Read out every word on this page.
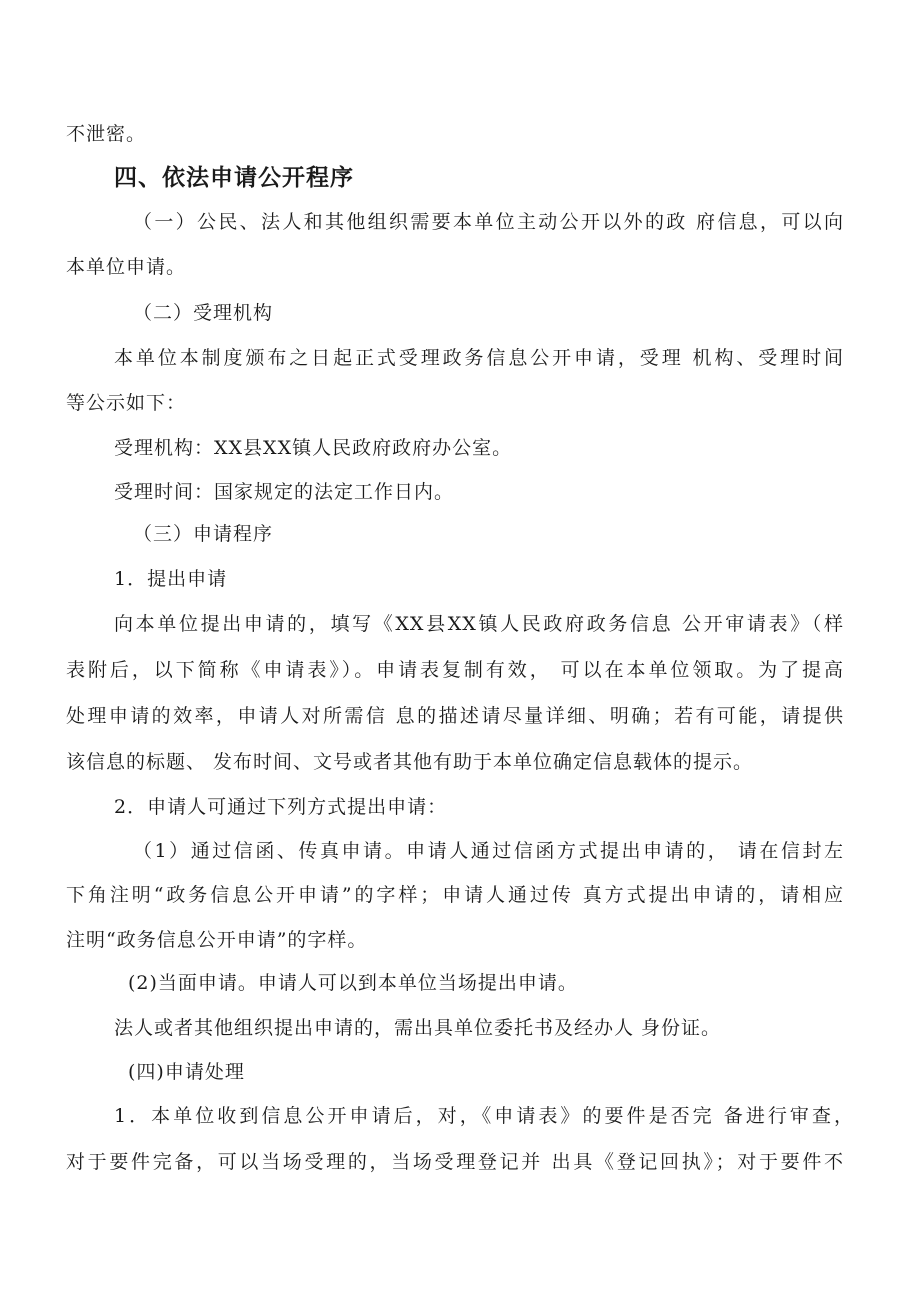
不泄密。
四、依法申请公开程序
（一）公民、法人和其他组织需要本单位主动公开以外的政 府信息，可以向
本单位申请。
（二）受理机构
本单位本制度颁布之日起正式受理政务信息公开申请，受理 机构、受理时间
等公示如下：
受理机构：XX县XX镇人民政府政府办公室。
受理时间：国家规定的法定工作日内。
（三）申请程序
1．提出申请
向本单位提出申请的，填写《XX县XX镇人民政府政务信息 公开审请表》（样
表附后，以下简称《申请表》）。申请表复制有效， 可以在本单位领取。为了提高
处理申请的效率，申请人对所需信 息的描述请尽量详细、明确；若有可能，请提供
该信息的标题、 发布时间、文号或者其他有助于本单位确定信息载体的提示。
2．申请人可通过下列方式提出申请：
（1）通过信函、传真申请。申请人通过信函方式提出申请的， 请在信封左
下角注明“政务信息公开申请”的字样；申请人通过传 真方式提出申请的，请相应
注明“政务信息公开申请”的字样。
(2)当面申请。申请人可以到本单位当场提出申请。
法人或者其他组织提出申请的，需出具单位委托书及经办人 身份证。
(四)申请处理
1．本单位收到信息公开申请后，对，《申请表》的要件是否完 备进行审查，
对于要件完备，可以当场受理的，当场受理登记并 出具《登记回执》；对于要件不
